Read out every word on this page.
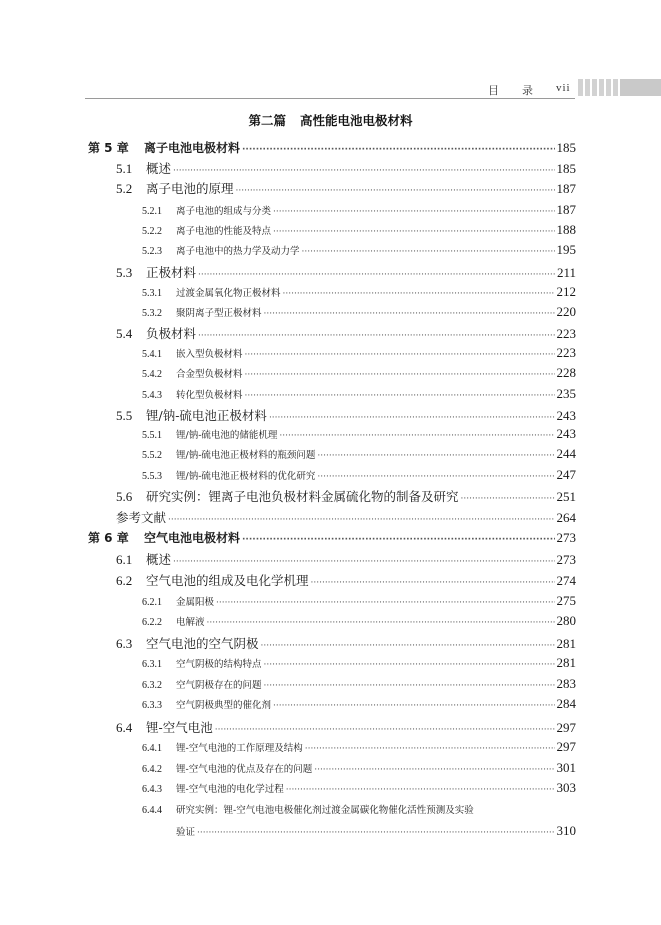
目 录 vii
第二篇 高性能电池电极材料
第 5 章	离子电池电极材料 ·····	185
5.1	概述 ·····	185
5.2	离子电池的原理 ·····	187
5.2.1	离子电池的组成与分类 ·····	187
5.2.2	离子电池的性能及特点 ·····	188
5.2.3	离子电池中的热力学及动力学 ·····	195
5.3	正极材料 ·····	211
5.3.1	过渡金属氧化物正极材料 ·····	212
5.3.2	聚阴离子型正极材料 ·····	220
5.4	负极材料 ·····	223
5.4.1	嵌入型负极材料 ·····	223
5.4.2	合金型负极材料 ·····	228
5.4.3	转化型负极材料 ·····	235
5.5	锂/钠-硫电池正极材料 ·····	243
5.5.1	锂/钠-硫电池的储能机理 ·····	243
5.5.2	锂/钠-硫电池正极材料的瓶颈问题 ·····	244
5.5.3	锂/钠-硫电池正极材料的优化研究 ·····	247
5.6	研究实例：锂离子电池负极材料金属硫化物的制备及研究 ·····	251
参考文献 ·····	264
第 6 章	空气电池电极材料 ·····	273
6.1	概述 ·····	273
6.2	空气电池的组成及电化学机理 ·····	274
6.2.1	金属阳极 ·····	275
6.2.2	电解液 ·····	280
6.3	空气电池的空气阴极 ·····	281
6.3.1	空气阴极的结构特点 ·····	281
6.3.2	空气阴极存在的问题 ·····	283
6.3.3	空气阴极典型的催化剂 ·····	284
6.4	锂-空气电池 ·····	297
6.4.1	锂-空气电池的工作原理及结构 ·····	297
6.4.2	锂-空气电池的优点及存在的问题 ·····	301
6.4.3	锂-空气电池的电化学过程 ·····	303
6.4.4	研究实例：锂-空气电池电极催化剂过渡金属碳化物催化活性预测及实验
验证 ·····	310
